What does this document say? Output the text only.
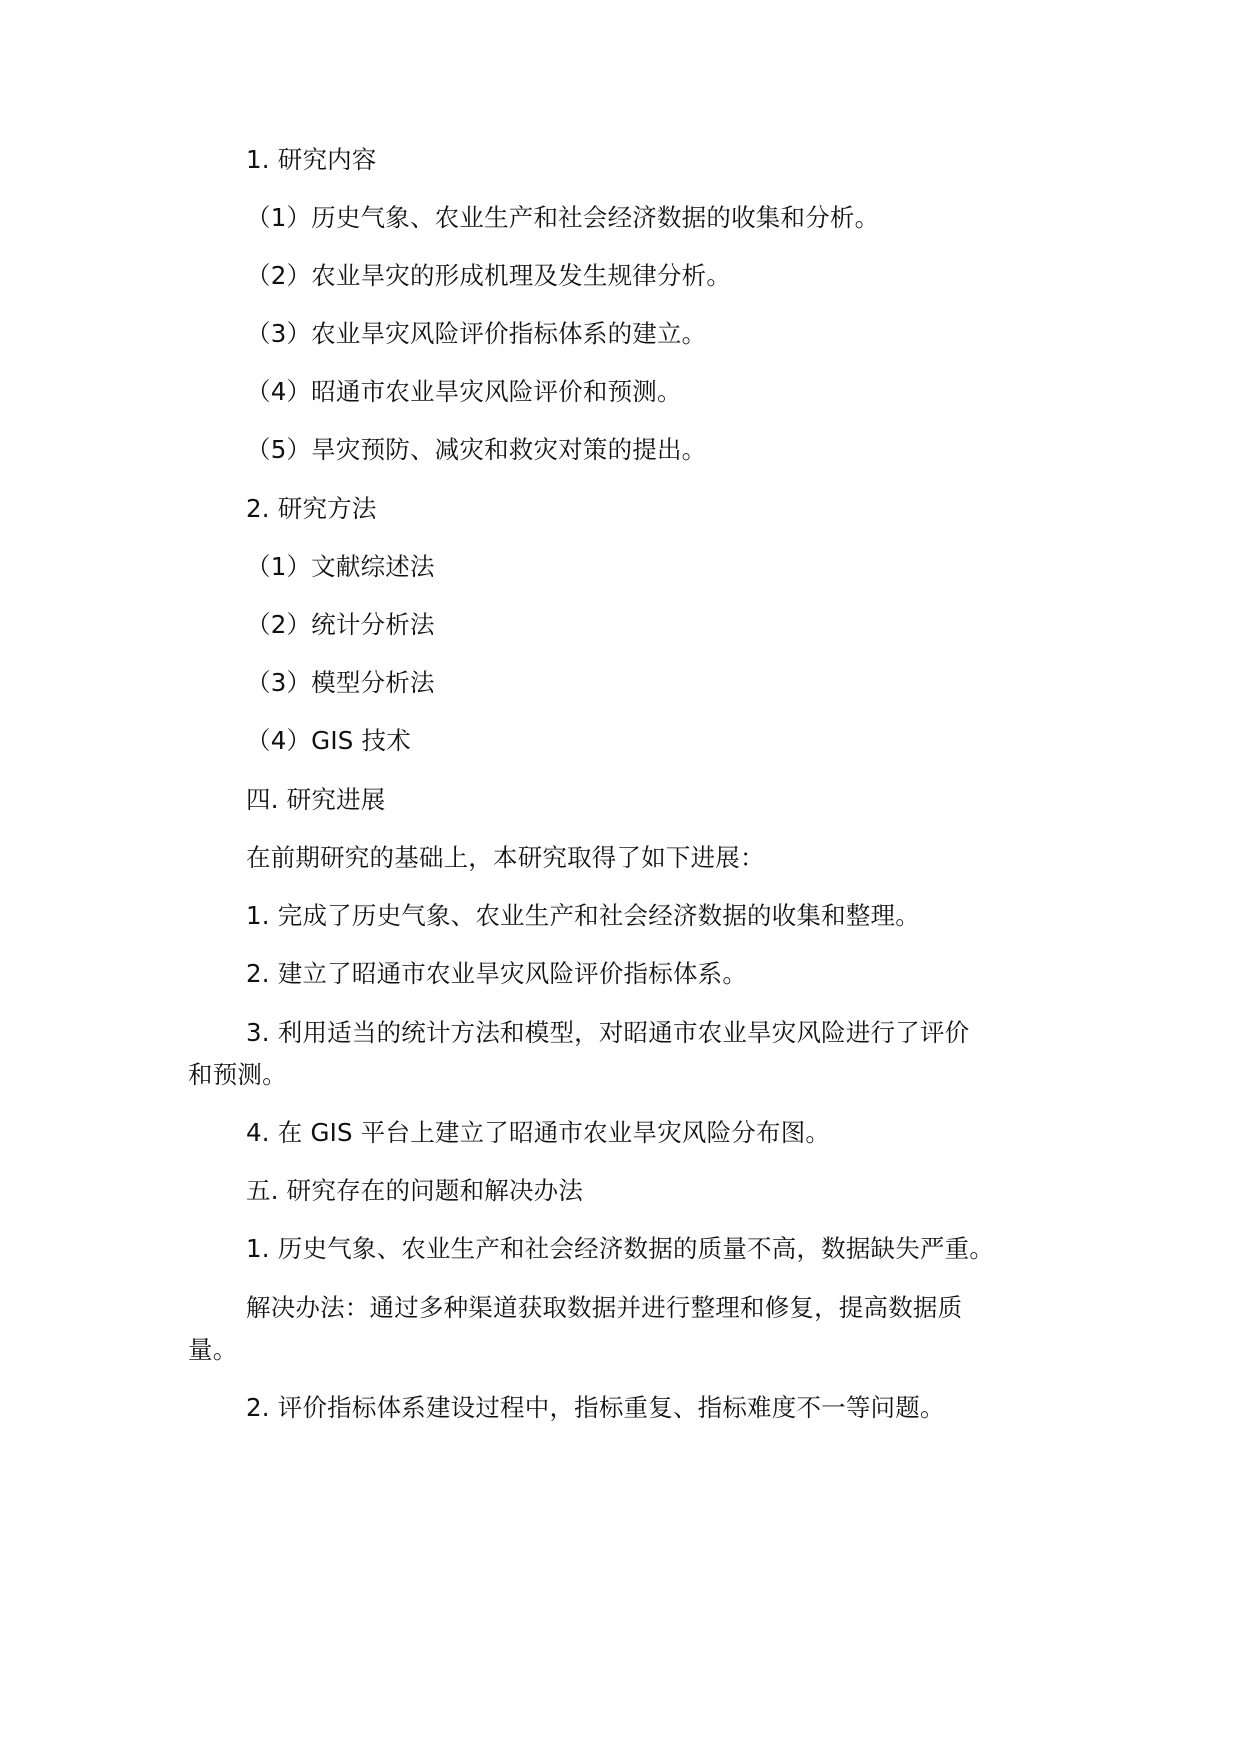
1. 研究内容
（1）历史气象、农业生产和社会经济数据的收集和分析。
（2）农业旱灾的形成机理及发生规律分析。
（3）农业旱灾风险评价指标体系的建立。
（4）昭通市农业旱灾风险评价和预测。
（5）旱灾预防、减灾和救灾对策的提出。
2. 研究方法
（1）文献综述法
（2）统计分析法
（3）模型分析法
（4）GIS 技术
四. 研究进展
在前期研究的基础上，本研究取得了如下进展：
1. 完成了历史气象、农业生产和社会经济数据的收集和整理。
2. 建立了昭通市农业旱灾风险评价指标体系。
3. 利用适当的统计方法和模型，对昭通市农业旱灾风险进行了评价
和预测。
4. 在 GIS 平台上建立了昭通市农业旱灾风险分布图。
五. 研究存在的问题和解决办法
1. 历史气象、农业生产和社会经济数据的质量不高，数据缺失严重。
解决办法：通过多种渠道获取数据并进行整理和修复，提高数据质
量。
2. 评价指标体系建设过程中，指标重复、指标难度不一等问题。
